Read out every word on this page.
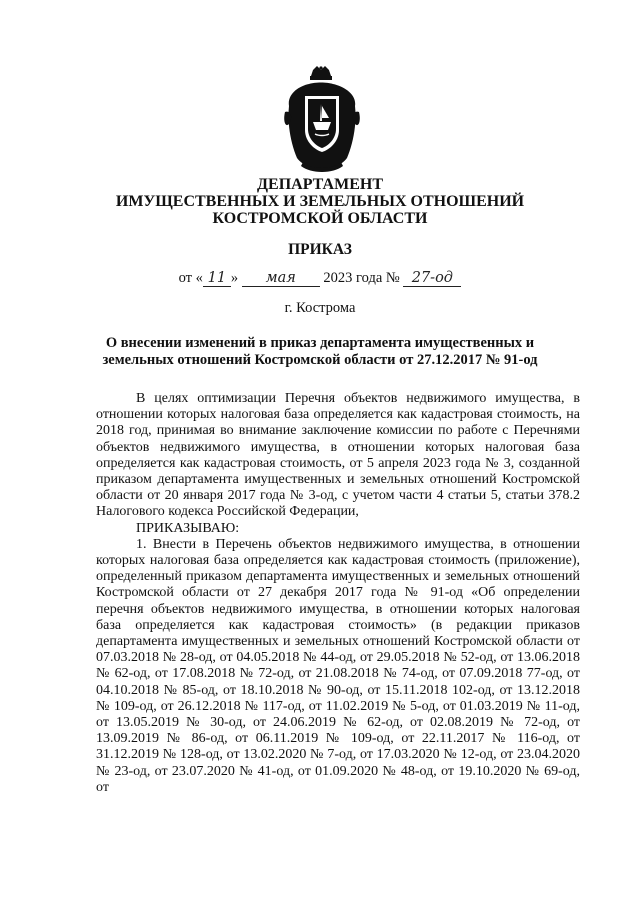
ДЕПАРТАМЕНТ
ИМУЩЕСТВЕННЫХ И ЗЕМЕЛЬНЫХ ОТНОШЕНИЙ
КОСТРОМСКОЙ ОБЛАСТИ
ПРИКАЗ
от « 11 » мая 2023 года № 27-од
г. Кострома
О внесении изменений в приказ департамента имущественных и
земельных отношений Костромской области от 27.12.2017 № 91-од

В целях оптимизации Перечня объектов недвижимого имущества, в отношении которых налоговая база определяется как кадастровая стоимость, на 2018 год, принимая во внимание заключение комиссии по работе с Перечнями объектов недвижимого имущества, в отношении которых налоговая база определяется как кадастровая стоимость, от 5 апреля 2023 года № 3, созданной приказом департамента имущественных и земельных отношений Костромской области от 20 января 2017 года № 3-од, с учетом части 4 статьи 5, статьи 378.2 Налогового кодекса Российской Федерации,

ПРИКАЗЫВАЮ:

1. Внести в Перечень объектов недвижимого имущества, в отношении которых налоговая база определяется как кадастровая стоимость (приложение), определенный приказом департамента имущественных и земельных отношений Костромской области от 27 декабря 2017 года № 91-од «Об определении перечня объектов недвижимого имущества, в отношении которых налоговая база определяется как кадастровая стоимость» (в редакции приказов департамента имущественных и земельных отношений Костромской области от 07.03.2018 № 28-од, от 04.05.2018 № 44-од, от 29.05.2018 № 52-од, от 13.06.2018 № 62-од, от 17.08.2018 № 72-од, от 21.08.2018 № 74-од, от 07.09.2018 77-од, от 04.10.2018 № 85-од, от 18.10.2018 № 90-од, от 15.11.2018 102-од, от 13.12.2018 № 109-од, от 26.12.2018 № 117-од, от 11.02.2019 № 5-од, от 01.03.2019 № 11-од, от 13.05.2019 № 30-од, от 24.06.2019 № 62-од, от 02.08.2019 № 72-од, от 13.09.2019 № 86-од, от 06.11.2019 № 109-од, от 22.11.2017 № 116-од, от 31.12.2019 № 128-од, от 13.02.2020 № 7-од, от 17.03.2020 № 12-од, от 23.04.2020 № 23-од, от 23.07.2020 № 41-од, от 01.09.2020 № 48-од, от 19.10.2020 № 69-од, от
